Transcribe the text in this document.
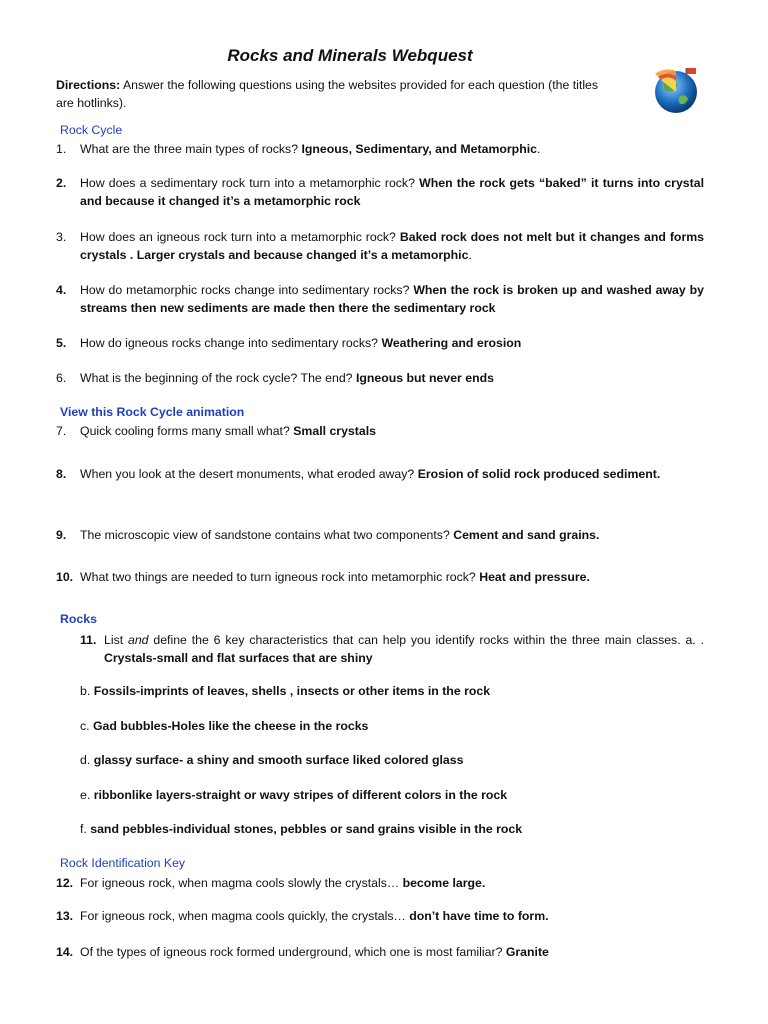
Rocks and Minerals Webquest

Directions: Answer the following questions using the websites provided for each question (the titles are hotlinks).

Rock Cycle

1.	What are the three main types of rocks? Igneous, Sedimentary, and Metamorphic.

2.	How does a sedimentary rock turn into a metamorphic rock? When the rock gets “baked” it turns into crystal and because it changed it’s a metamorphic rock

3.	How does an igneous rock turn into a metamorphic rock? Baked rock does not melt but it changes and forms crystals . Larger crystals and because changed it’s a metamorphic.

4.	How do metamorphic rocks change into sedimentary rocks? When the rock is broken up and washed away by streams then new sediments are made then there the sedimentary rock

5.	How do igneous rocks change into sedimentary rocks? Weathering and erosion

6.	What is the beginning of the rock cycle? The end? Igneous but never ends

View this Rock Cycle animation

7.	Quick cooling forms many small what? Small crystals

8.	When you look at the desert monuments, what eroded away? Erosion of solid rock produced sediment.

9.	The microscopic view of sandstone contains what two components? Cement and sand grains.

10. What two things are needed to turn igneous rock into metamorphic rock? Heat and pressure.

Rocks

11. List and define the 6 key characteristics that can help you identify rocks within the three main classes. a. . Crystals-small and flat surfaces that are shiny

b. Fossils-imprints of leaves, shells , insects or other items in the rock

c. Gad bubbles-Holes like the cheese in the rocks

d. glassy surface- a shiny and smooth surface liked colored glass

e. ribbonlike layers-straight or wavy stripes of different colors in the rock

f. sand pebbles-individual stones, pebbles or sand grains visible in the rock

Rock Identification Key

12. For igneous rock, when magma cools slowly the crystals… become large.

13. For igneous rock, when magma cools quickly, the crystals… don’t have time to form.

14. Of the types of igneous rock formed underground, which one is most familiar? Granite
